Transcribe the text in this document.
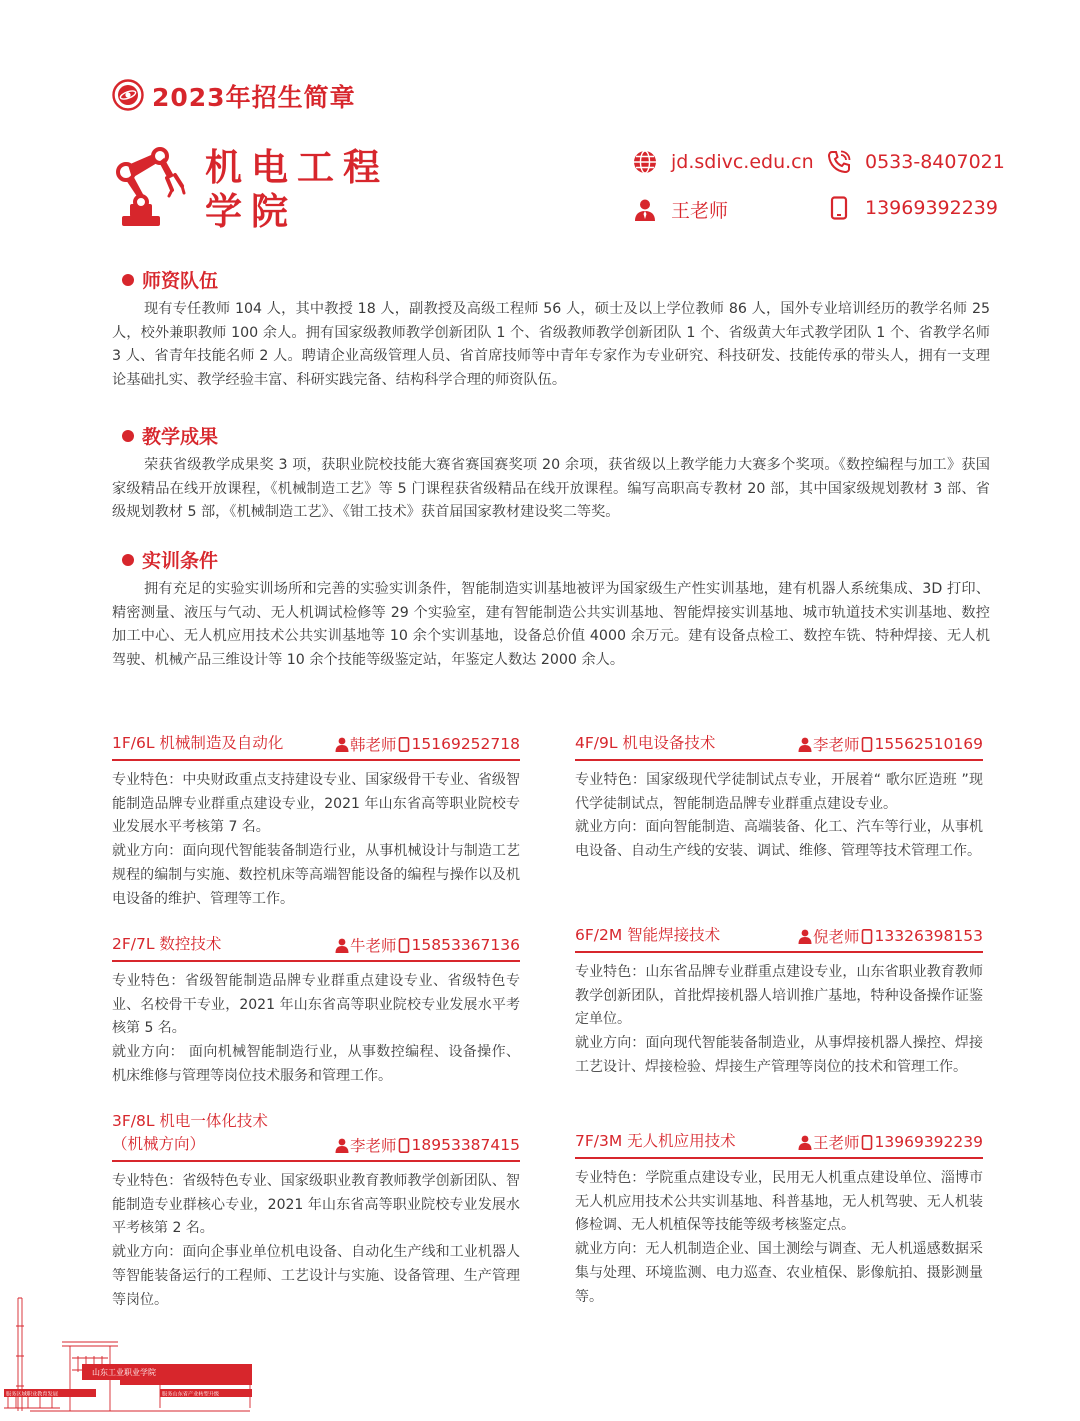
2023年招生简章
机电工程
学院
jd.sdivc.edu.cn	0533-8407021
王老师	13969392239
师资队伍

现有专任教师 104 人，其中教授 18 人，副教授及高级工程师 56 人，硕士及以上学位教师 86 人，国外专业培训经历的教学名师 25 人，校外兼职教师 100 余人。拥有国家级教师教学创新团队 1 个、省级教师教学创新团队 1 个、省级黄大年式教学团队 1 个、省教学名师 3 人、省青年技能名师 2 人。聘请企业高级管理人员、省首席技师等中青年专家作为专业研究、科技研发、技能传承的带头人，拥有一支理论基础扎实、教学经验丰富、科研实践完备、结构科学合理的师资队伍。

教学成果

荣获省级教学成果奖 3 项，获职业院校技能大赛省赛国赛奖项 20 余项，获省级以上教学能力大赛多个奖项。《数控编程与加工》获国家级精品在线开放课程，《机械制造工艺》等 5 门课程获省级精品在线开放课程。编写高职高专教材 20 部，其中国家级规划教材 3 部、省级规划教材 5 部，《机械制造工艺》、《钳工技术》获首届国家教材建设奖二等奖。

实训条件

拥有充足的实验实训场所和完善的实验实训条件，智能制造实训基地被评为国家级生产性实训基地，建有机器人系统集成、3D 打印、精密测量、液压与气动、无人机调试检修等 29 个实验室，建有智能制造公共实训基地、智能焊接实训基地、城市轨道技术实训基地、数控加工中心、无人机应用技术公共实训基地等 10 余个实训基地，设备总价值 4000 余万元。建有设备点检工、数控车铣、特种焊接、无人机驾驶、机械产品三维设计等 10 余个技能等级鉴定站，年鉴定人数达 2000 余人。

1F/6L 机械制造及自动化	韩老师 15169252718

专业特色：中央财政重点支持建设专业、国家级骨干专业、省级智能制造品牌专业群重点建设专业，2021 年山东省高等职业院校专业发展水平考核第 7 名。

就业方向：面向现代智能装备制造行业，从事机械设计与制造工艺规程的编制与实施、数控机床等高端智能设备的编程与操作以及机电设备的维护、管理等工作。

2F/7L 数控技术	牛老师 15853367136

专业特色：省级智能制造品牌专业群重点建设专业、省级特色专业、名校骨干专业，2021 年山东省高等职业院校专业发展水平考核第 5 名。

就业方向： 面向机械智能制造行业，从事数控编程、设备操作、机床维修与管理等岗位技术服务和管理工作。

3F/8L 机电一体化技术
（机械方向）	李老师 18953387415

专业特色：省级特色专业、国家级职业教育教师教学创新团队、智能制造专业群核心专业，2021 年山东省高等职业院校专业发展水平考核第 2 名。

就业方向：面向企事业单位机电设备、自动化生产线和工业机器人等智能装备运行的工程师、工艺设计与实施、设备管理、生产管理等岗位。

4F/9L 机电设备技术	李老师 15562510169

专业特色：国家级现代学徒制试点专业，开展着“ 歌尔匠造班 ”现代学徒制试点，智能制造品牌专业群重点建设专业。

就业方向：面向智能制造、高端装备、化工、汽车等行业，从事机电设备、自动生产线的安装、调试、维修、管理等技术管理工作。

6F/2M 智能焊接技术	倪老师 13326398153

专业特色：山东省品牌专业群重点建设专业，山东省职业教育教师教学创新团队，首批焊接机器人培训推广基地，特种设备操作证鉴定单位。

就业方向：面向现代智能装备制造业，从事焊接机器人操控、焊接工艺设计、焊接检验、焊接生产管理等岗位的技术和管理工作。

7F/3M 无人机应用技术	王老师 13969392239

专业特色：学院重点建设专业，民用无人机重点建设单位、淄博市无人机应用技术公共实训基地、科普基地，无人机驾驶、无人机装修检调、无人机植保等技能等级考核鉴定点。

就业方向：无人机制造企业、国土测绘与调查、无人机遥感数据采集与处理、环境监测、电力巡查、农业植保、影像航拍、摄影测量等。

山东工业职业学院
服务区域职业教育发展	服务山东省产业转型升级
